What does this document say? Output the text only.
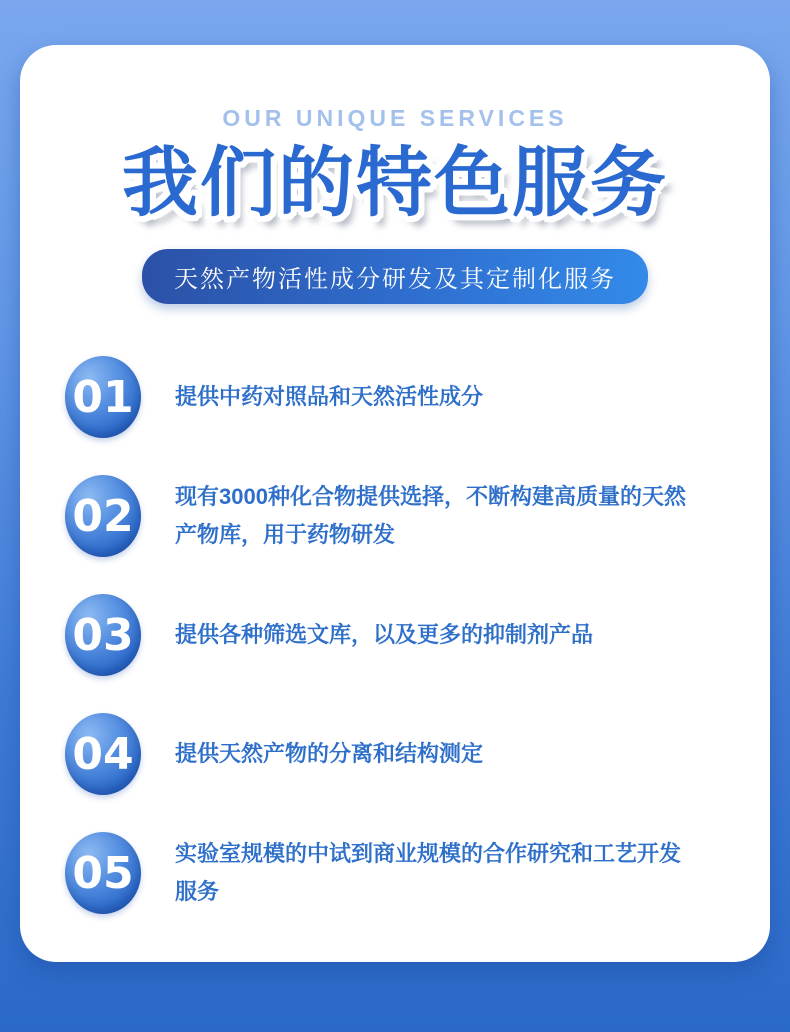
OUR UNIQUE SERVICES
我们的特色服务
天然产物活性成分研发及其定制化服务
01 提供中药对照品和天然活性成分
02 现有3000种化合物提供选择，不断构建高质量的天然
产物库，用于药物研发
03 提供各种筛选文库，以及更多的抑制剂产品
04 提供天然产物的分离和结构测定
05 实验室规模的中试到商业规模的合作研究和工艺开发
服务
